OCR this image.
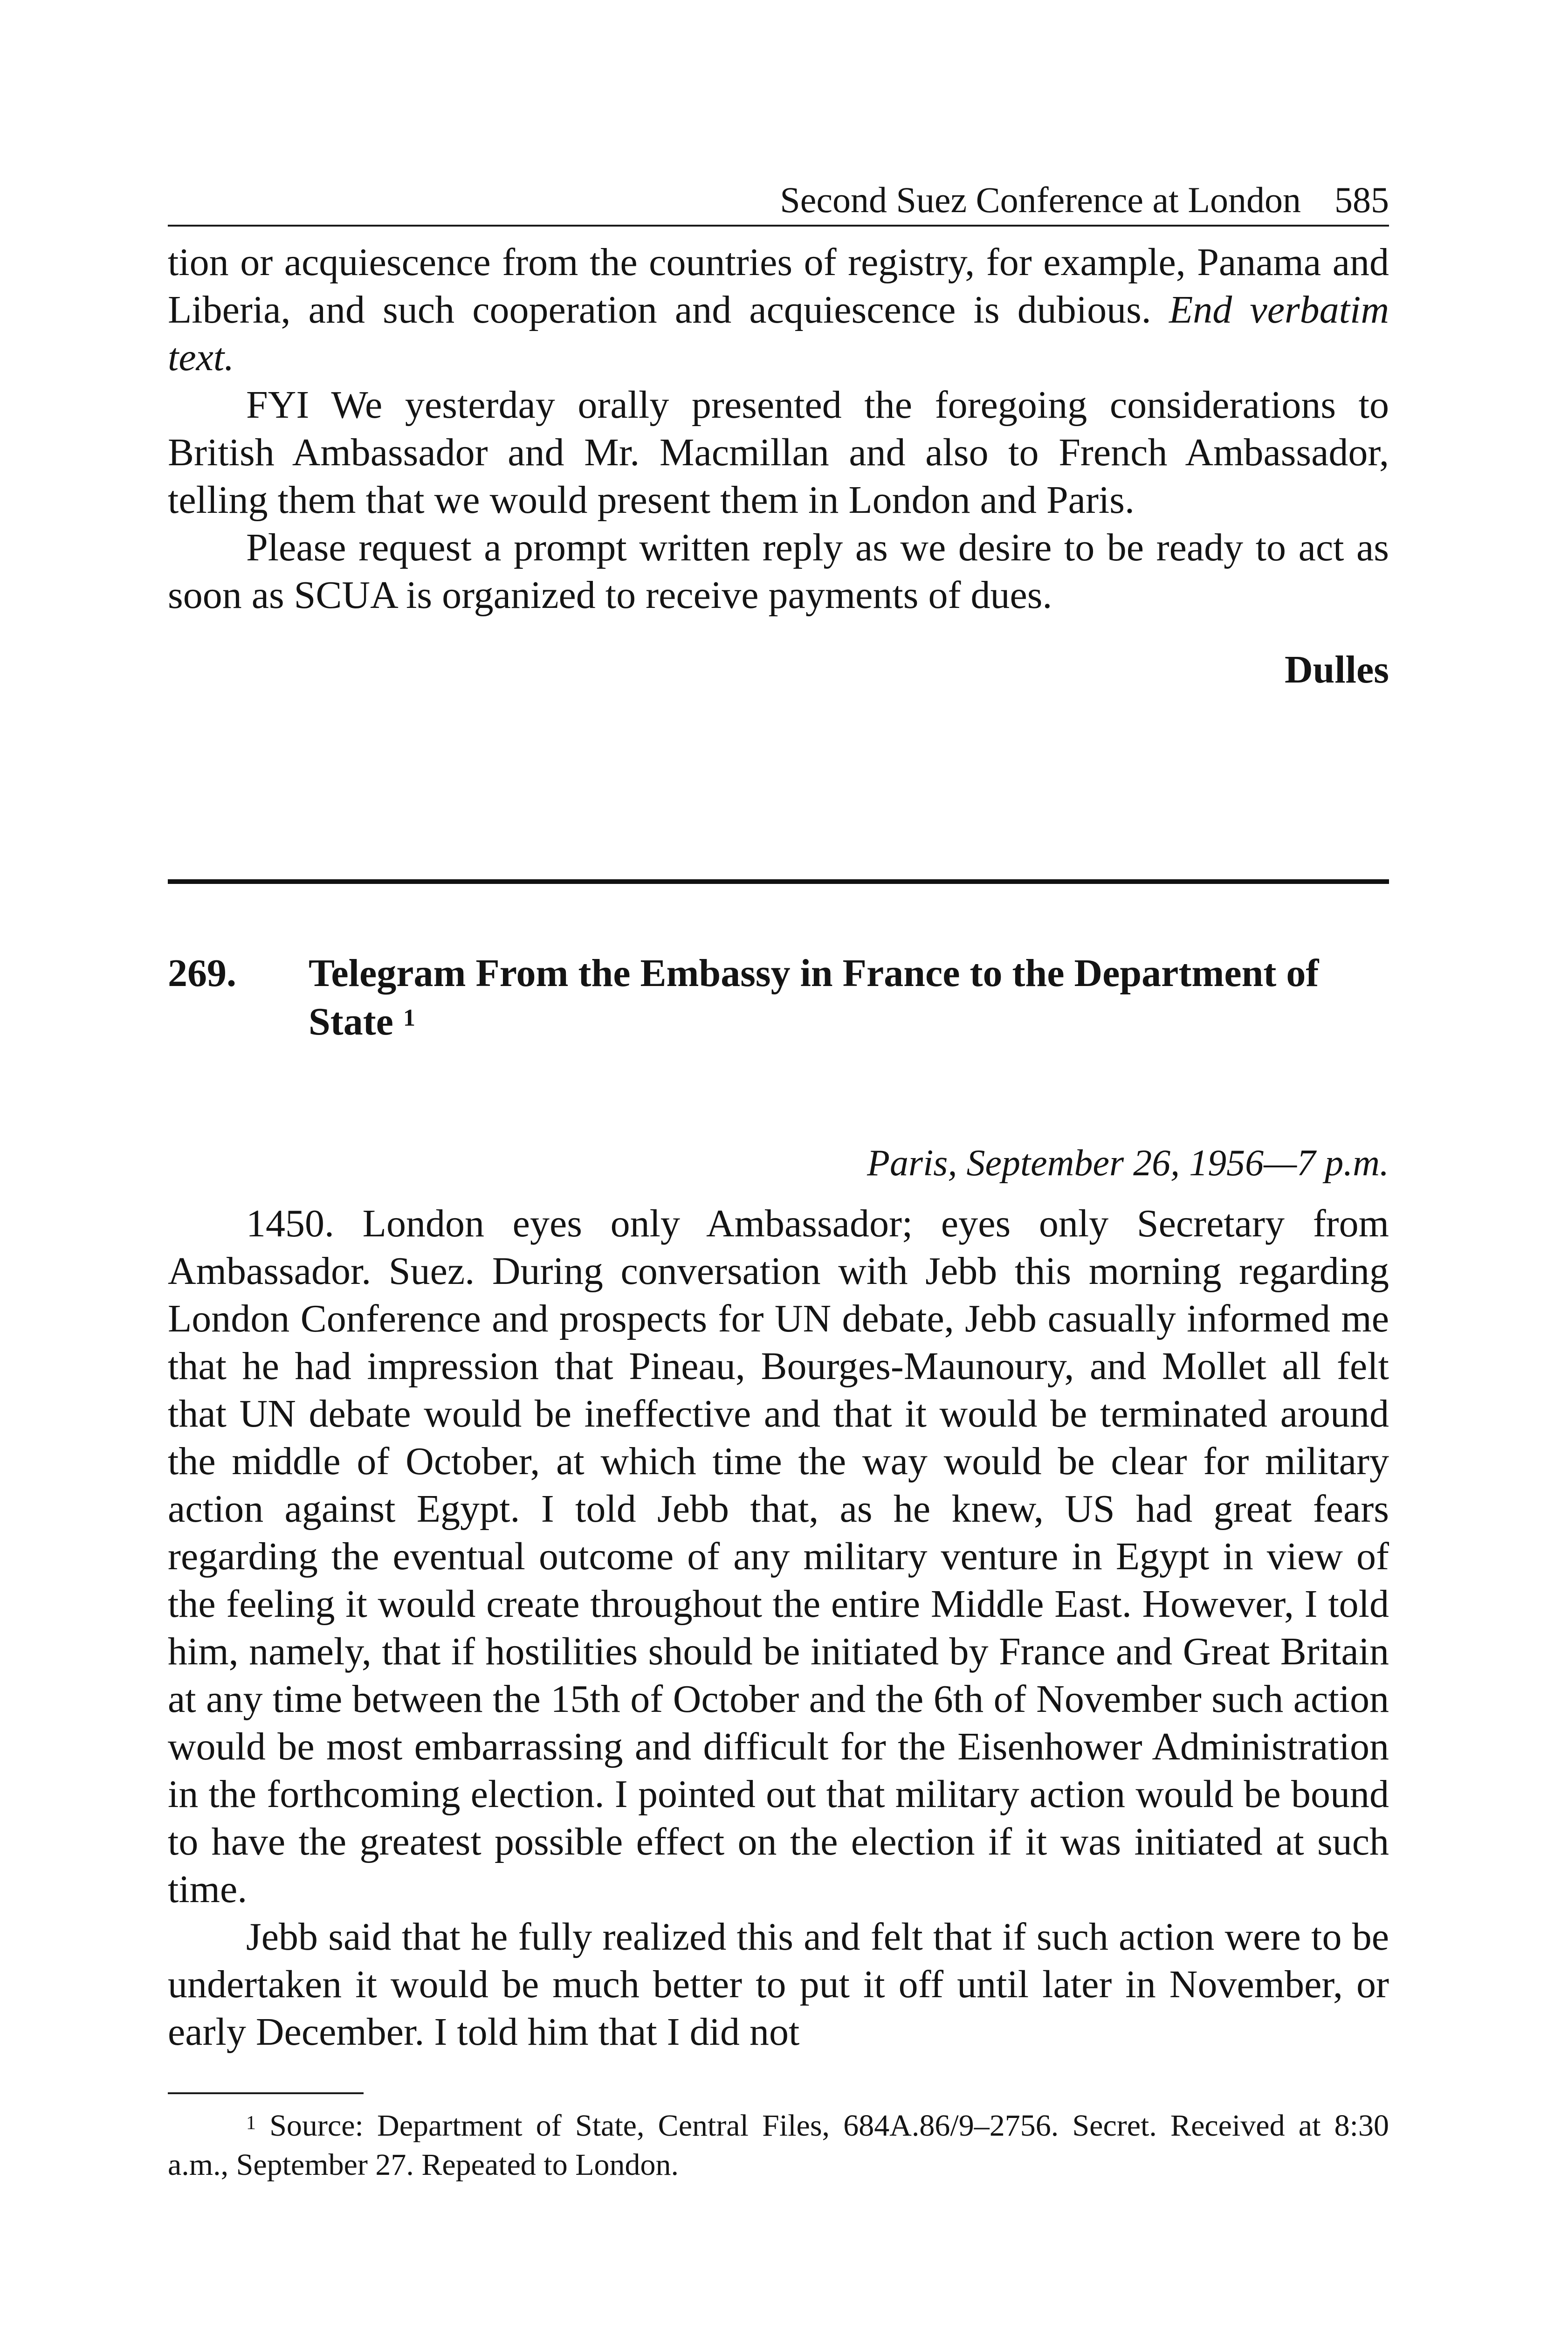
Second Suez Conference at London 585

tion or acquiescence from the countries of registry, for example, Panama and Liberia, and such cooperation and acquiescence is dubious. End verbatim text.

FYI We yesterday orally presented the foregoing considerations to British Ambassador and Mr. Macmillan and also to French Ambassador, telling them that we would present them in London and Paris.

Please request a prompt written reply as we desire to be ready to act as soon as SCUA is organized to receive payments of dues.

Dulles
269.	Telegram From the Embassy in France to the Department of State $^1$
Paris, September 26, 1956—7 p.m.

1450. London eyes only Ambassador; eyes only Secretary from Ambassador. Suez. During conversation with Jebb this morning regarding London Conference and prospects for UN debate, Jebb casually informed me that he had impression that Pineau, Bourges-Maunoury, and Mollet all felt that UN debate would be ineffective and that it would be terminated around the middle of October, at which time the way would be clear for military action against Egypt. I told Jebb that, as he knew, US had great fears regarding the eventual outcome of any military venture in Egypt in view of the feeling it would create throughout the entire Middle East. However, I told him, namely, that if hostilities should be initiated by France and Great Britain at any time between the 15th of October and the 6th of November such action would be most embarrassing and difficult for the Eisenhower Administration in the forthcoming election. I pointed out that military action would be bound to have the greatest possible effect on the election if it was initiated at such time.

Jebb said that he fully realized this and felt that if such action were to be undertaken it would be much better to put it off until later in November, or early December. I told him that I did not

$^1$ Source: Department of State, Central Files, 684A.86/9–2756. Secret. Received at 8:30 a.m., September 27. Repeated to London.
